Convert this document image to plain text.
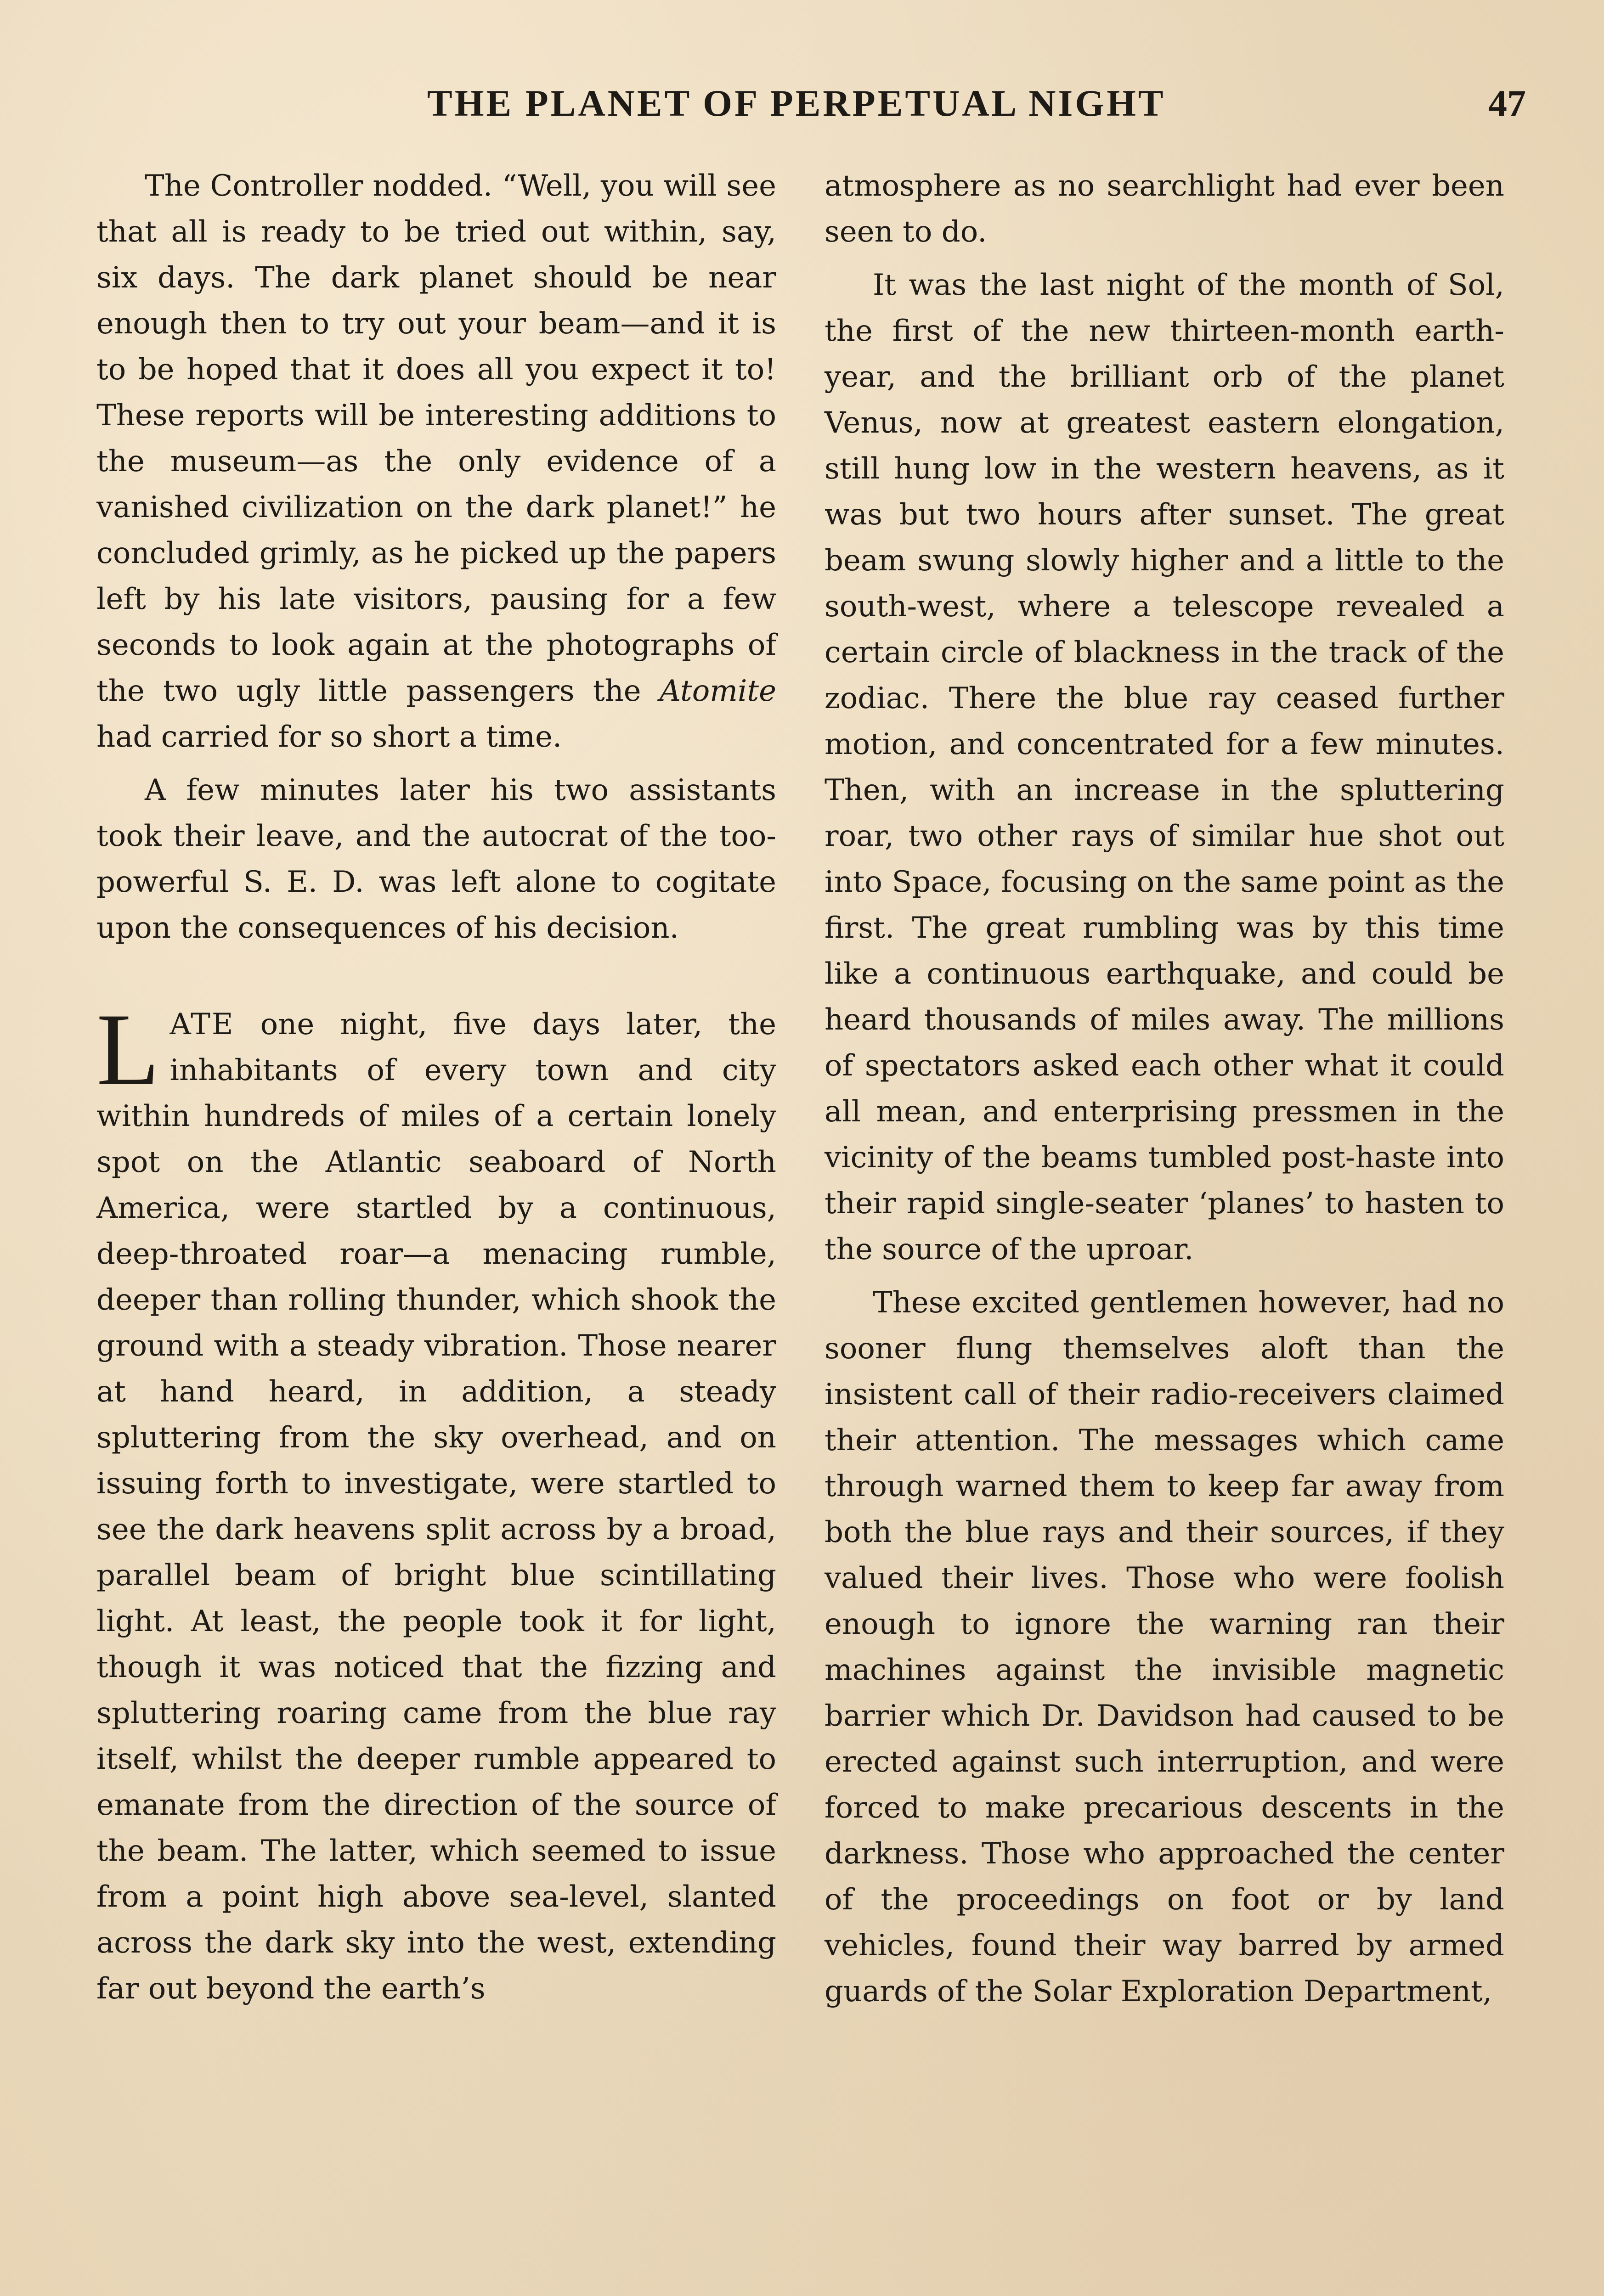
THE PLANET OF PERPETUAL NIGHT	47

The Controller nodded. “Well, you will see that all is ready to be tried out within, say, six days. The dark planet should be near enough then to try out your beam—and it is to be hoped that it does all you expect it to! These reports will be interesting additions to the museum—as the only evidence of a vanished civilization on the dark planet!” he concluded grimly, as he picked up the papers left by his late visitors, pausing for a few seconds to look again at the photographs of the two ugly little passengers the Atomite had carried for so short a time.

A few minutes later his two assistants took their leave, and the autocrat of the too-powerful S. E. D. was left alone to cogitate upon the consequences of his decision.

LATE one night, five days later, the inhabitants of every town and city within hundreds of miles of a certain lonely spot on the Atlantic seaboard of North America, were startled by a continuous, deep-throated roar—a menacing rumble, deeper than rolling thunder, which shook the ground with a steady vibration. Those nearer at hand heard, in addition, a steady spluttering from the sky overhead, and on issuing forth to investigate, were startled to see the dark heavens split across by a broad, parallel beam of bright blue scintillating light. At least, the people took it for light, though it was noticed that the fizzing and spluttering roaring came from the blue ray itself, whilst the deeper rumble appeared to emanate from the direction of the source of the beam. The latter, which seemed to issue from a point high above sea-level, slanted across the dark sky into the west, extending far out beyond the earth’s

atmosphere as no searchlight had ever been seen to do.

It was the last night of the month of Sol, the first of the new thirteen-month earth-year, and the brilliant orb of the planet Venus, now at greatest eastern elongation, still hung low in the western heavens, as it was but two hours after sunset. The great beam swung slowly higher and a little to the south-west, where a telescope revealed a certain circle of blackness in the track of the zodiac. There the blue ray ceased further motion, and concentrated for a few minutes. Then, with an increase in the spluttering roar, two other rays of similar hue shot out into Space, focusing on the same point as the first. The great rumbling was by this time like a continuous earthquake, and could be heard thousands of miles away. The millions of spectators asked each other what it could all mean, and enterprising pressmen in the vicinity of the beams tumbled post-haste into their rapid single-seater ‘planes’ to hasten to the source of the uproar.

These excited gentlemen however, had no sooner flung themselves aloft than the insistent call of their radio-receivers claimed their attention. The messages which came through warned them to keep far away from both the blue rays and their sources, if they valued their lives. Those who were foolish enough to ignore the warning ran their machines against the invisible magnetic barrier which Dr. Davidson had caused to be erected against such interruption, and were forced to make precarious descents in the darkness. Those who approached the center of the proceedings on foot or by land vehicles, found their way barred by armed guards of the Solar Exploration Department,
